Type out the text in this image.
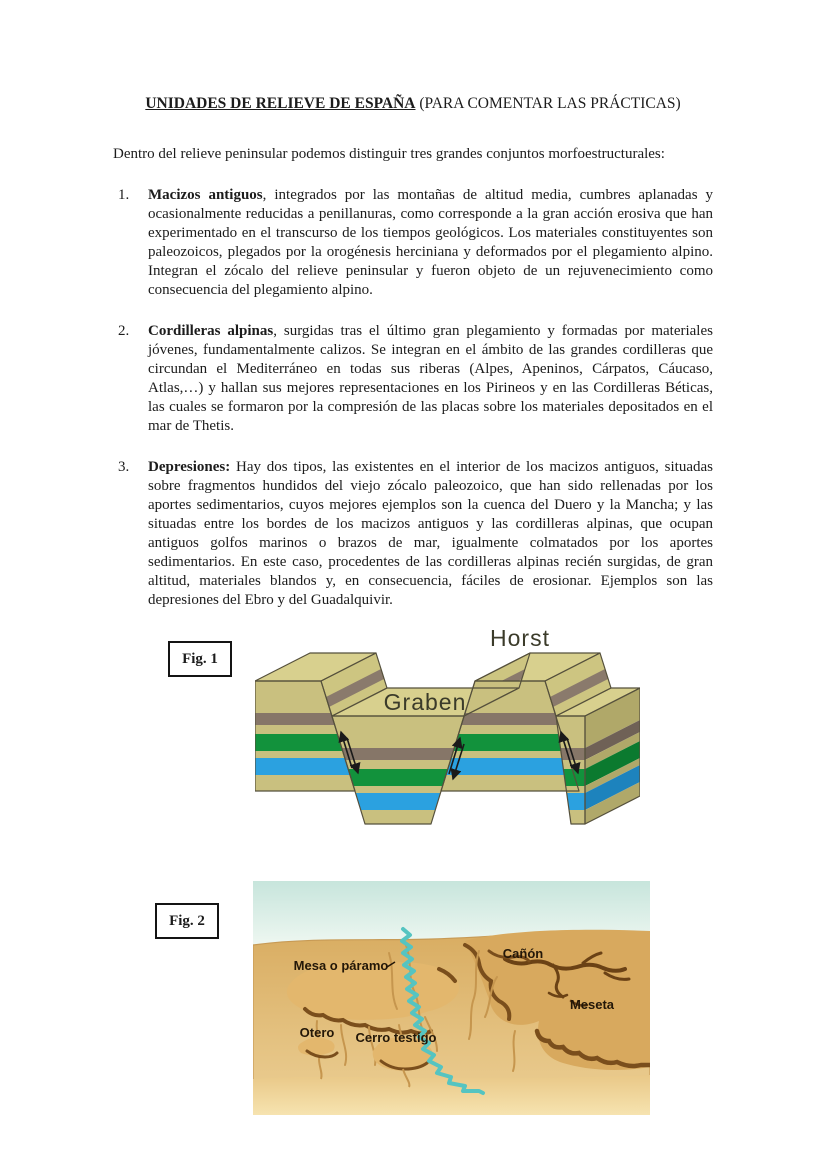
UNIDADES DE RELIEVE DE ESPAÑA (PARA COMENTAR LAS PRÁCTICAS)
Dentro del relieve peninsular podemos distinguir tres grandes conjuntos morfoestructurales:
1.	Macizos antiguos, integrados por las montañas de altitud media, cumbres aplanadas y ocasionalmente reducidas a penillanuras, como corresponde a la gran acción erosiva que han experimentado en el transcurso de los tiempos geológicos. Los materiales constituyentes son paleozoicos, plegados por la orogénesis herciniana y deformados por el plegamiento alpino. Integran el zócalo del relieve peninsular y fueron objeto de un rejuvenecimiento como consecuencia del plegamiento alpino.
2.	Cordilleras alpinas, surgidas tras el último gran plegamiento y formadas por materiales jóvenes, fundamentalmente calizos. Se integran en el ámbito de las grandes cordilleras que circundan el Mediterráneo en todas sus riberas (Alpes, Apeninos, Cárpatos, Cáucaso, Atlas,…) y hallan sus mejores representaciones en los Pirineos y en las Cordilleras Béticas, las cuales se formaron por la compresión de las placas sobre los materiales depositados en el mar de Thetis.
3.	Depresiones: Hay dos tipos, las existentes en el interior de los macizos antiguos, situadas sobre fragmentos hundidos del viejo zócalo paleozoico, que han sido rellenadas por los aportes sedimentarios, cuyos mejores ejemplos son la cuenca del Duero y la Mancha; y las situadas entre los bordes de los macizos antiguos y las cordilleras alpinas, que ocupan antiguos golfos marinos o brazos de mar, igualmente colmatados por los aportes sedimentarios. En este caso, procedentes de las cordilleras alpinas recién surgidas, de gran altitud, materiales blandos y, en consecuencia, fáciles de erosionar. Ejemplos son las depresiones del Ebro y del Guadalquivir.
Fig. 1
Graben
Horst
Fig. 2
Mesa o páramo
Cañón
Meseta
Otero Cerro testigo
